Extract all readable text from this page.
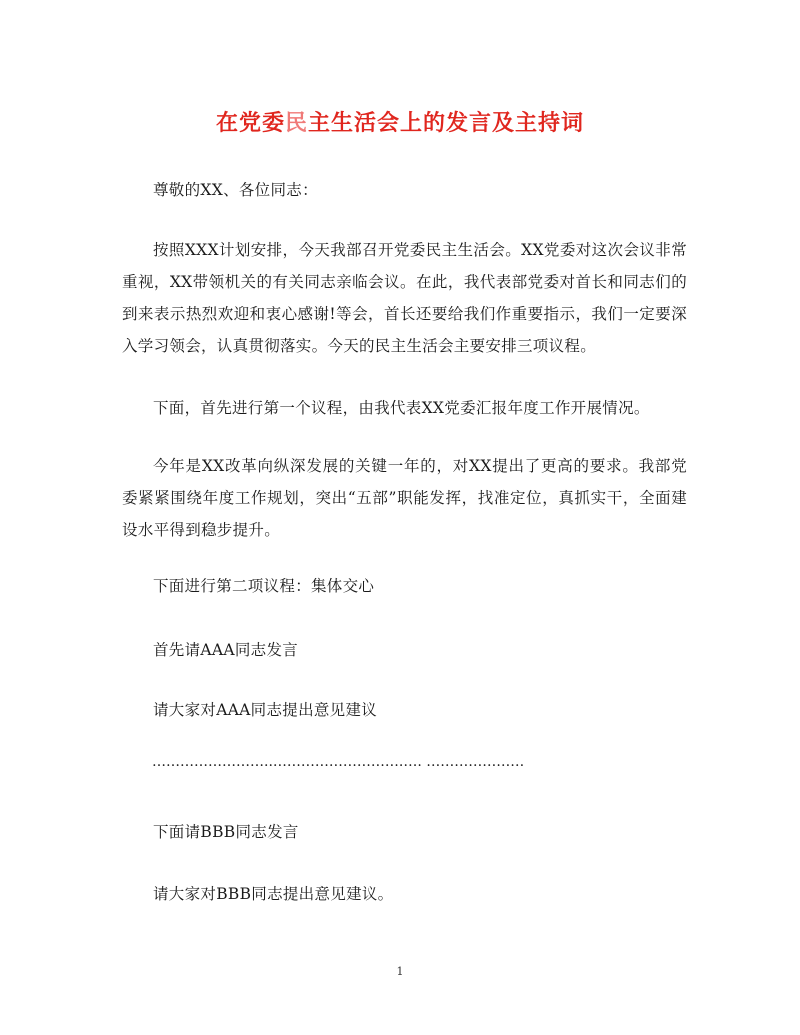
在党委民主生活会上的发言及主持词

尊敬的XX、各位同志：

按照XXX计划安排，今天我部召开党委民主生活会。XX党委对这次会议非常重视，XX带领机关的有关同志亲临会议。在此，我代表部党委对首长和同志们的到来表示热烈欢迎和衷心感谢!等会，首长还要给我们作重要指示，我们一定要深入学习领会，认真贯彻落实。今天的民主生活会主要安排三项议程。

下面，首先进行第一个议程，由我代表XX党委汇报年度工作开展情况。

今年是XX改革向纵深发展的关键一年的，对XX提出了更高的要求。我部党委紧紧围绕年度工作规划，突出“五部”职能发挥，找准定位，真抓实干，全面建设水平得到稳步提升。

下面进行第二项议程：集体交心

首先请AAA同志发言

请大家对AAA同志提出意见建议

……………………..……………………….…. …………………

下面请BBB同志发言

请大家对BBB同志提出意见建议。

1
